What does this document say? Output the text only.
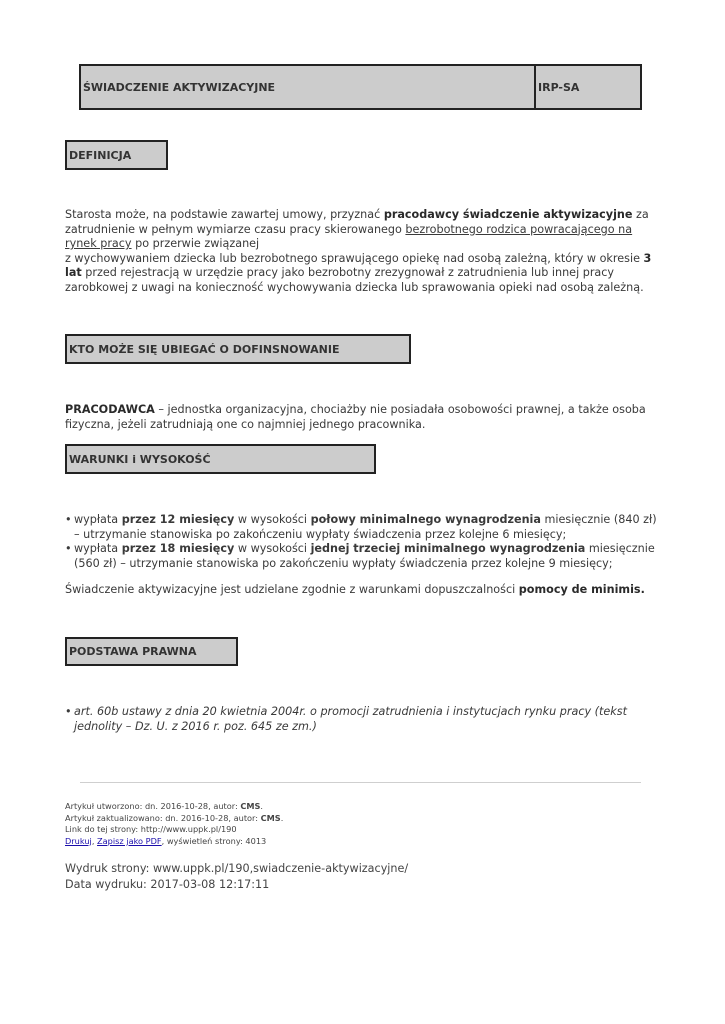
ŚWIADCZENIE AKTYWIZACYJNE	IRP-SA
DEFINICJA
Starosta może, na podstawie zawartej umowy, przyznać pracodawcy świadczenie aktywizacyjne za zatrudnienie w pełnym wymiarze czasu pracy skierowanego bezrobotnego rodzica powracającego na rynek pracy po przerwie związanej
z wychowywaniem dziecka lub bezrobotnego sprawującego opiekę nad osobą zależną, który w okresie 3 lat przed rejestracją w urzędzie pracy jako bezrobotny zrezygnował z zatrudnienia lub innej pracy zarobkowej z uwagi na konieczność wychowywania dziecka lub sprawowania opieki nad osobą zależną.
KTO MOŻE SIĘ UBIEGAĆ O DOFINSNOWANIE
PRACODAWCA – jednostka organizacyjna, chociażby nie posiadała osobowości prawnej, a także osoba fizyczna, jeżeli zatrudniają one co najmniej jednego pracownika.
WARUNKI i WYSOKOŚĆ
• wypłata przez 12 miesięcy w wysokości połowy minimalnego wynagrodzenia miesięcznie (840 zł) – utrzymanie stanowiska po zakończeniu wypłaty świadczenia przez kolejne 6 miesięcy;
• wypłata przez 18 miesięcy w wysokości jednej trzeciej minimalnego wynagrodzenia miesięcznie (560 zł) – utrzymanie stanowiska po zakończeniu wypłaty świadczenia przez kolejne 9 miesięcy;
Świadczenie aktywizacyjne jest udzielane zgodnie z warunkami dopuszczalności pomocy de minimis.
PODSTAWA PRAWNA
• art. 60b ustawy z dnia 20 kwietnia 2004r. o promocji zatrudnienia i instytucjach rynku pracy (tekst jednolity – Dz. U. z 2016 r. poz. 645 ze zm.)
Artykuł utworzono: dn. 2016-10-28, autor: CMS.
Artykuł zaktualizowano: dn. 2016-10-28, autor: CMS.
Link do tej strony: http://www.uppk.pl/190
Drukuj, Zapisz jako PDF, wyświetleń strony: 4013
Wydruk strony: www.uppk.pl/190,swiadczenie-aktywizacyjne/
Data wydruku: 2017-03-08 12:17:11
